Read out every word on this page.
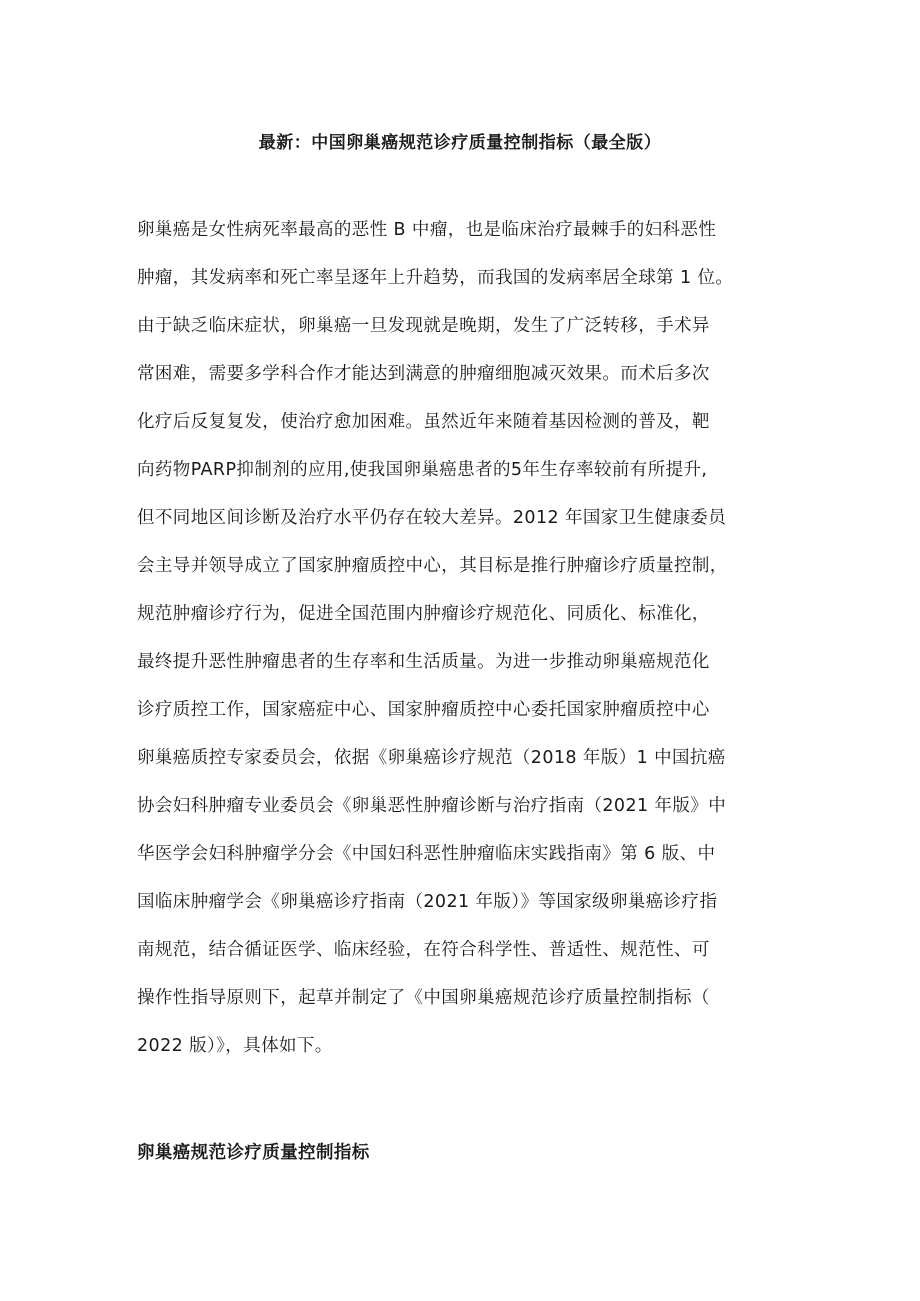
最新：中国卵巢癌规范诊疗质量控制指标（最全版）
卵巢癌是女性病死率最高的恶性 B 中瘤，也是临床治疗最棘手的妇科恶性
肿瘤，其发病率和死亡率呈逐年上升趋势，而我国的发病率居全球第 1 位。
由于缺乏临床症状，卵巢癌一旦发现就是晚期，发生了广泛转移，手术异
常困难，需要多学科合作才能达到满意的肿瘤细胞减灭效果。而术后多次
化疗后反复复发，使治疗愈加困难。虽然近年来随着基因检测的普及，靶
向药物PARP抑制剂的应用,使我国卵巢癌患者的5年生存率较前有所提升,
但不同地区间诊断及治疗水平仍存在较大差异。2012 年国家卫生健康委员
会主导并领导成立了国家肿瘤质控中心，其目标是推行肿瘤诊疗质量控制，
规范肿瘤诊疗行为，促进全国范围内肿瘤诊疗规范化、同质化、标准化，
最终提升恶性肿瘤患者的生存率和生活质量。为进一步推动卵巢癌规范化
诊疗质控工作，国家癌症中心、国家肿瘤质控中心委托国家肿瘤质控中心
卵巢癌质控专家委员会，依据《卵巢癌诊疗规范（2018 年版）1 中国抗癌
协会妇科肿瘤专业委员会《卵巢恶性肿瘤诊断与治疗指南（2021 年版》中
华医学会妇科肿瘤学分会《中国妇科恶性肿瘤临床实践指南》第 6 版、中
国临床肿瘤学会《卵巢癌诊疗指南（2021 年版）》等国家级卵巢癌诊疗指
南规范，结合循证医学、临床经验，在符合科学性、普适性、规范性、可
操作性指导原则下，起草并制定了《中国卵巢癌规范诊疗质量控制指标（
2022 版）》，具体如下。
卵巢癌规范诊疗质量控制指标
